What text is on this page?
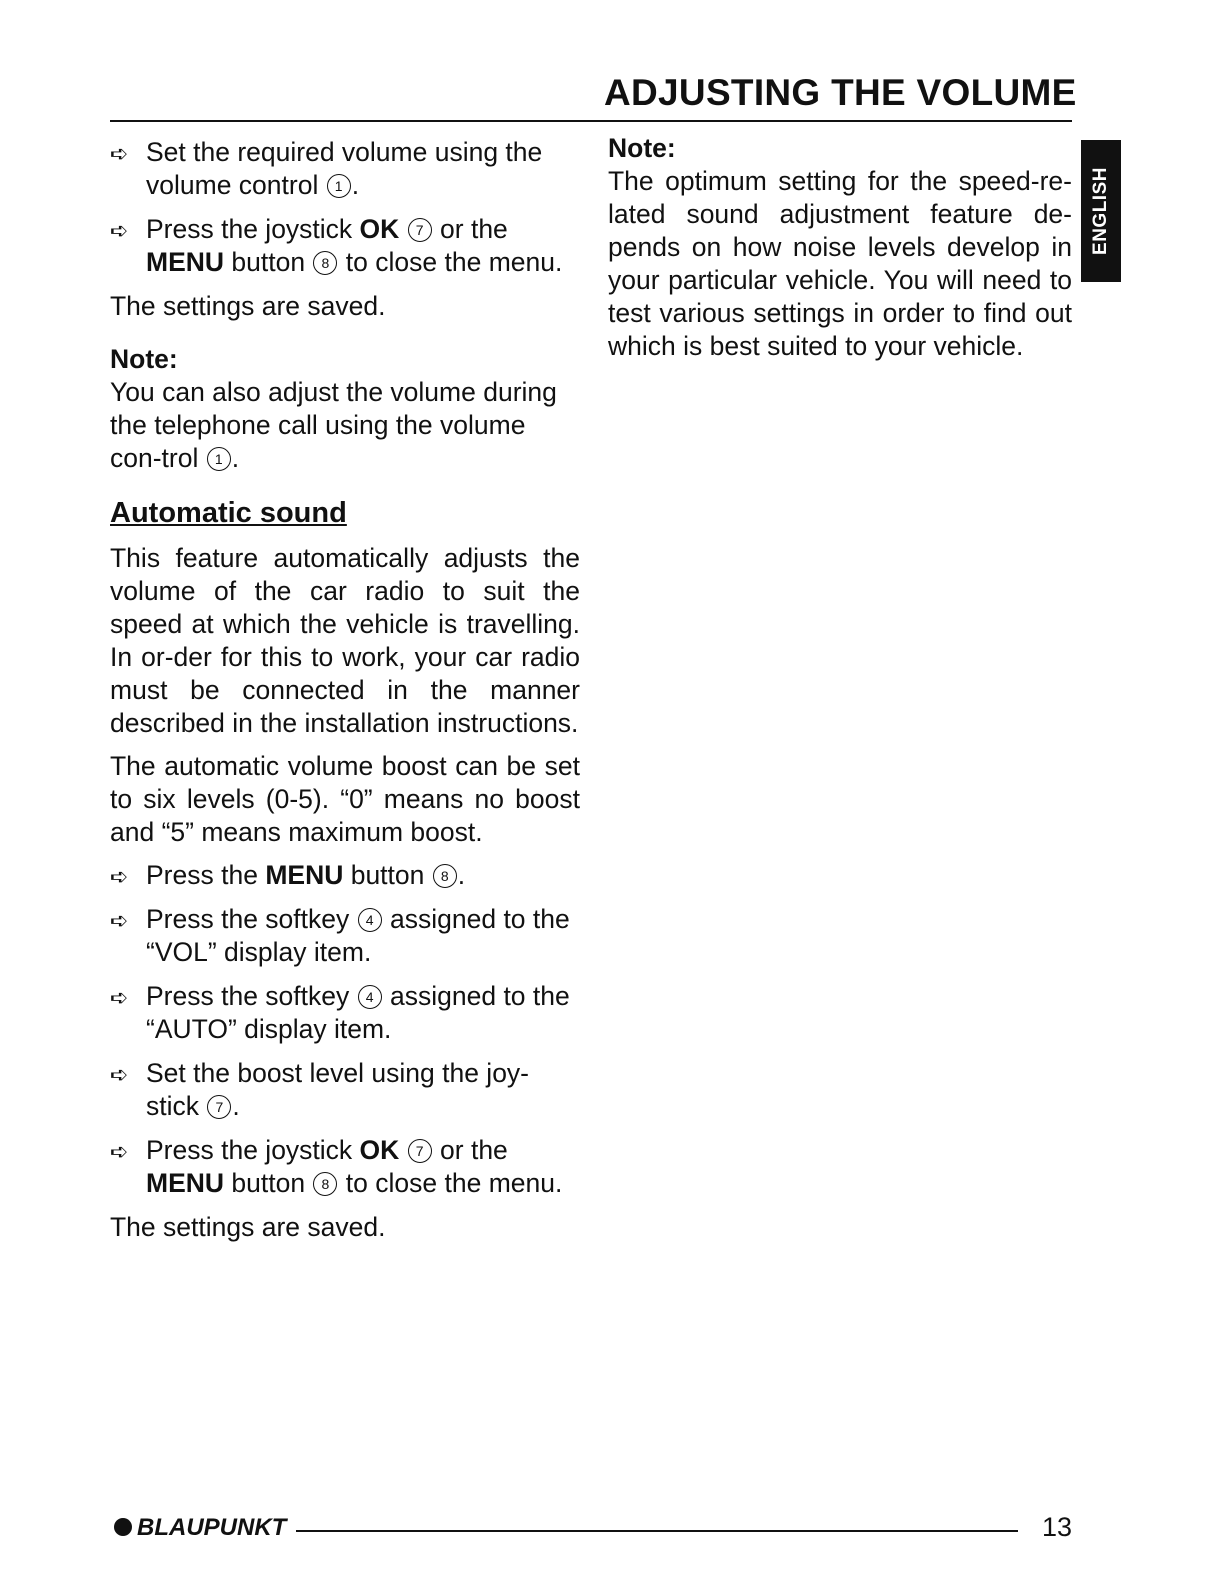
ADJUSTING THE VOLUME
ENGLISH
➪ Set the required volume using the volume control 1 .
➪ Press the joystick OK 7 or the MENU button 8 to close the menu.

The settings are saved.

Note:

You can also adjust the volume during the telephone call using the volume con-trol 1 .

Automatic sound

This feature automatically adjusts the volume of the car radio to suit the speed at which the vehicle is travelling. In or-der for this to work, your car radio must be connected in the manner described in the installation instructions.

The automatic volume boost can be set to six levels (0-5). “0” means no boost and “5” means maximum boost.

➪ Press the MENU button 8 .
➪ Press the softkey 4 assigned to the “VOL” display item.
➪ Press the softkey 4 assigned to the “AUTO” display item.
➪ Set the boost level using the joy-stick 7 .
➪ Press the joystick OK 7 or the MENU button 8 to close the menu.

The settings are saved.

Note:

The optimum setting for the speed-re-lated sound adjustment feature de-pends on how noise levels develop in your particular vehicle. You will need to test various settings in order to find out which is best suited to your vehicle.

BLAUPUNKT	13
